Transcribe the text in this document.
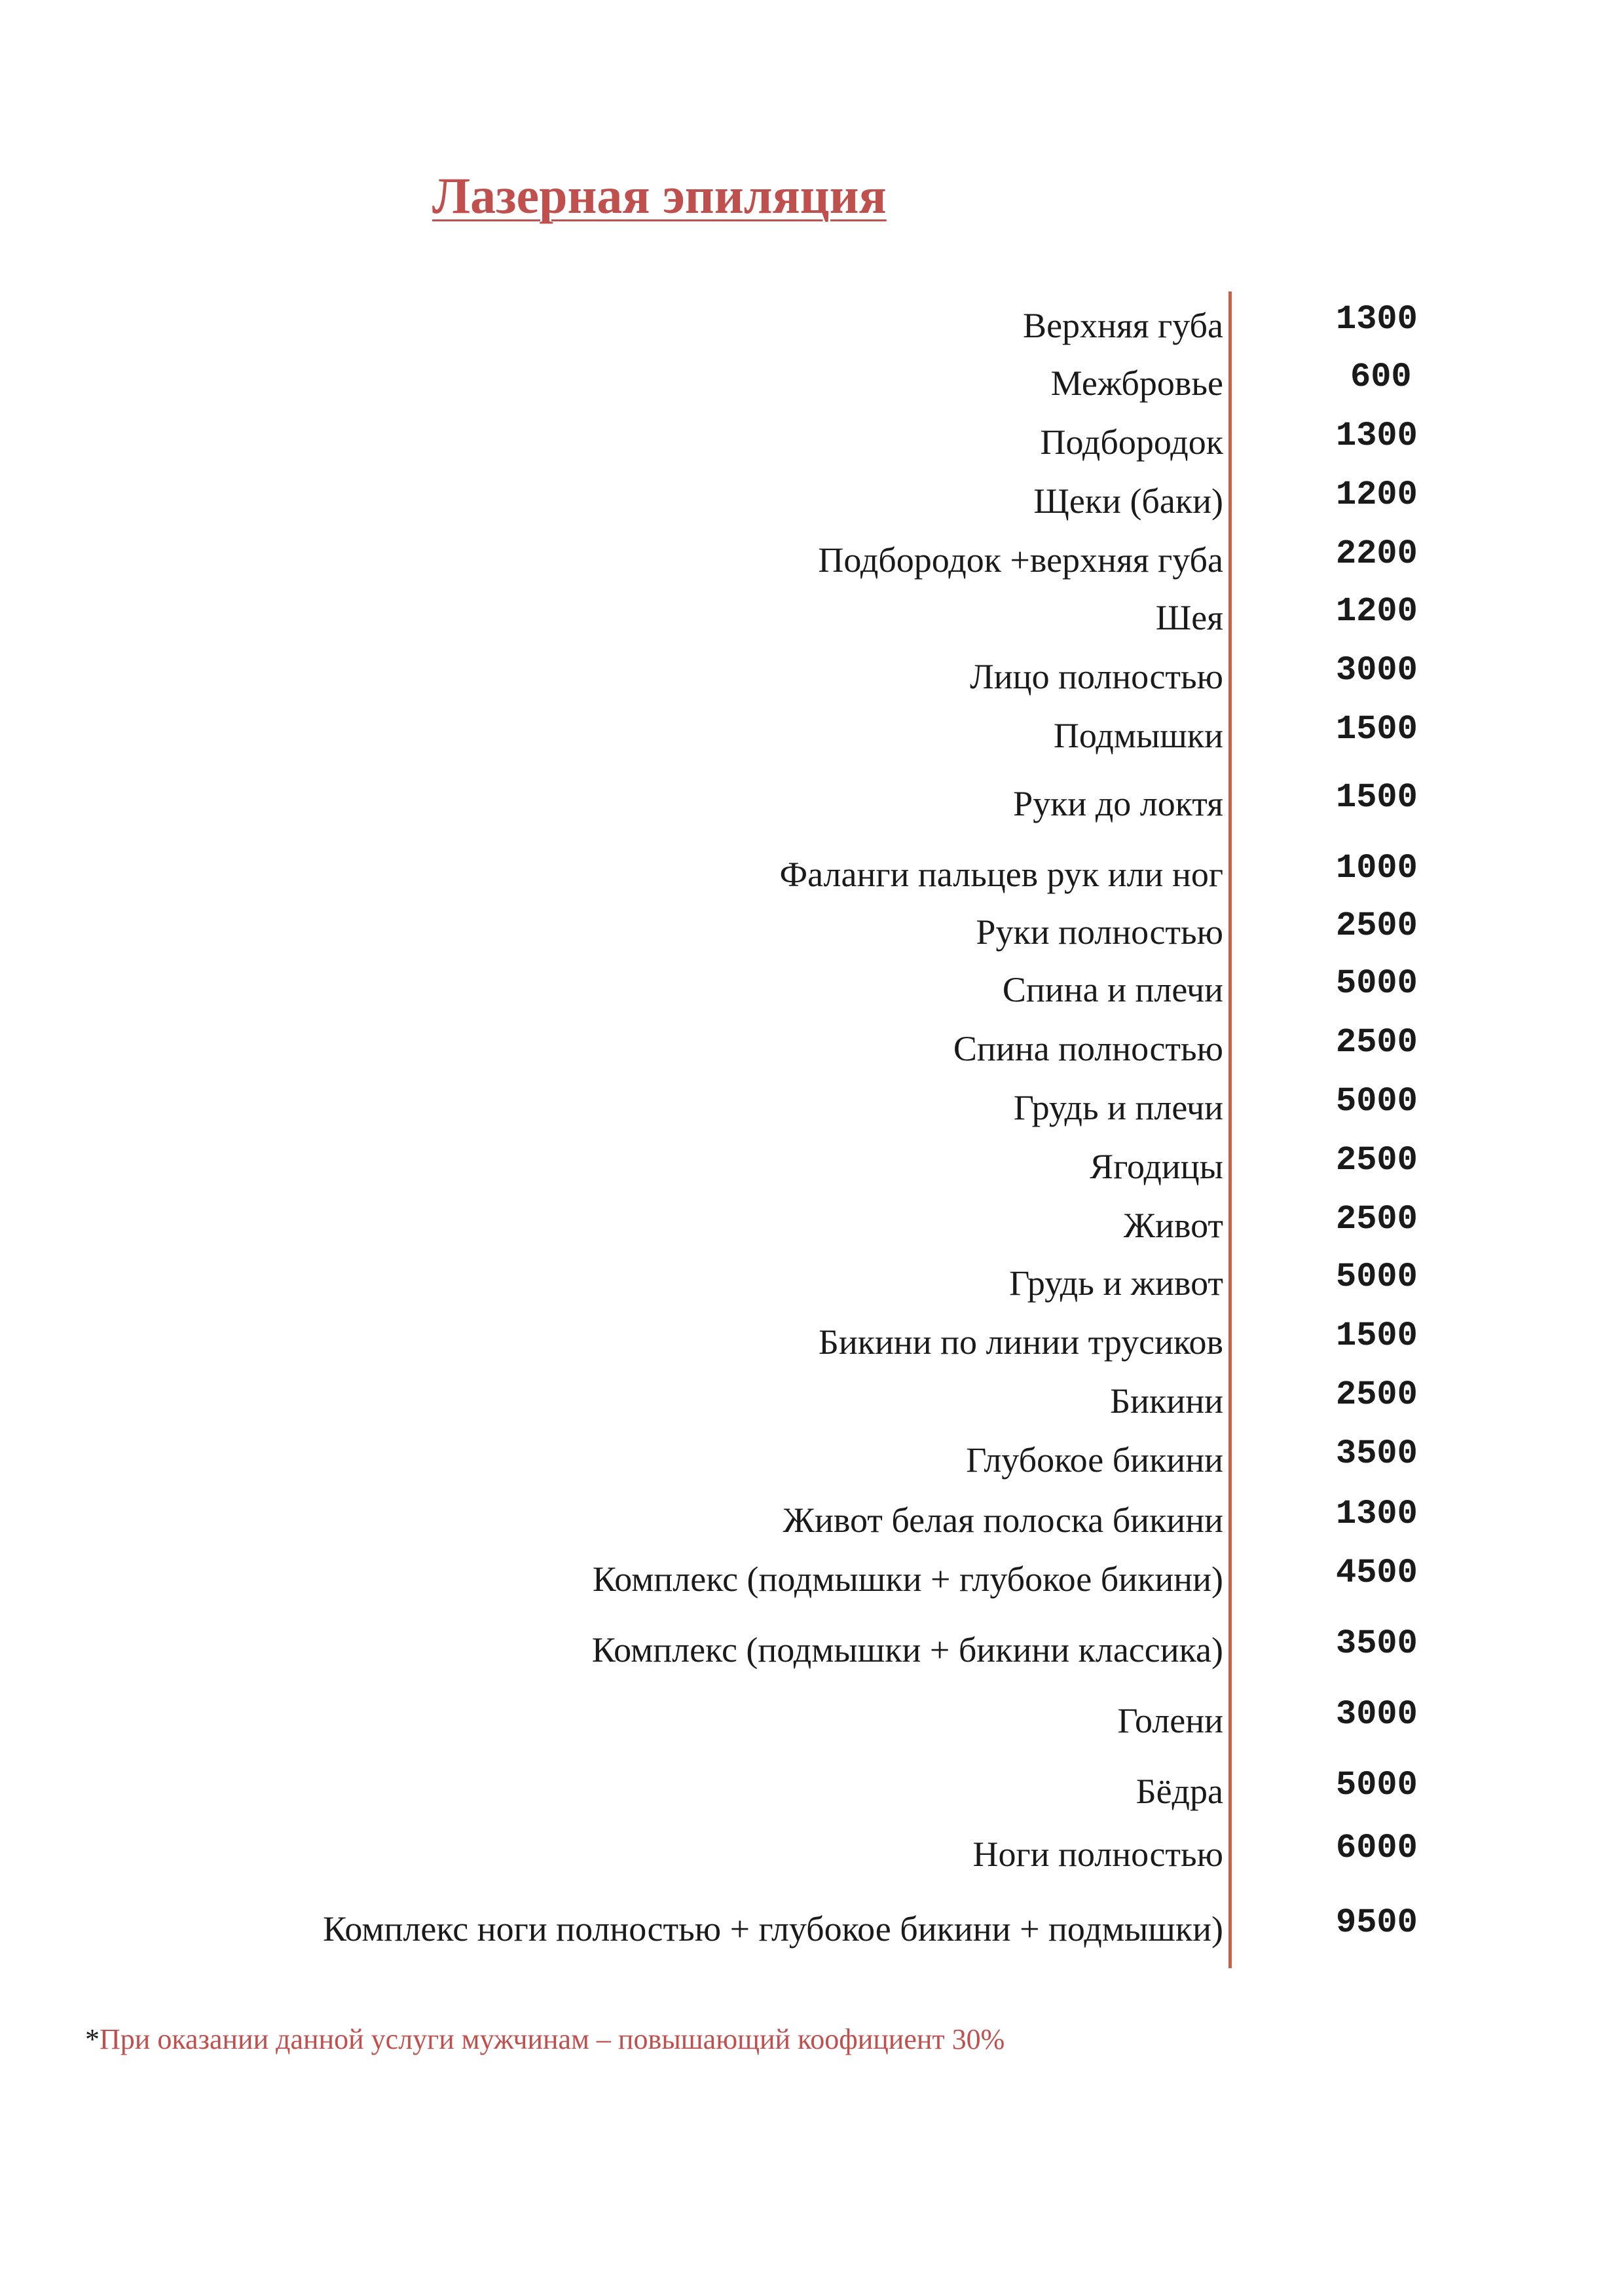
Лазерная эпиляция
Верхняя губа	1300
Межбровье	600
Подбородок	1300
Щеки (баки)	1200
Подбородок +верхняя губа	2200
Шея	1200
Лицо полностью	3000
Подмышки	1500
Руки до локтя	1500
Фаланги пальцев рук или ног	1000
Руки полностью	2500
Спина и плечи	5000
Спина полностью	2500
Грудь и плечи	5000
Ягодицы	2500
Живот	2500
Грудь и живот	5000
Бикини по линии трусиков	1500
Бикини	2500
Глубокое бикини	3500
Живот белая полоска бикини	1300
Комплекс (подмышки + глубокое бикини)	4500
Комплекс (подмышки + бикини классика)	3500
Голени	3000
Бёдра	5000
Ноги полностью	6000
Комплекс ноги полностью + глубокое бикини + подмышки)	9500
*При оказании данной услуги мужчинам – повышающий коофициент 30%
